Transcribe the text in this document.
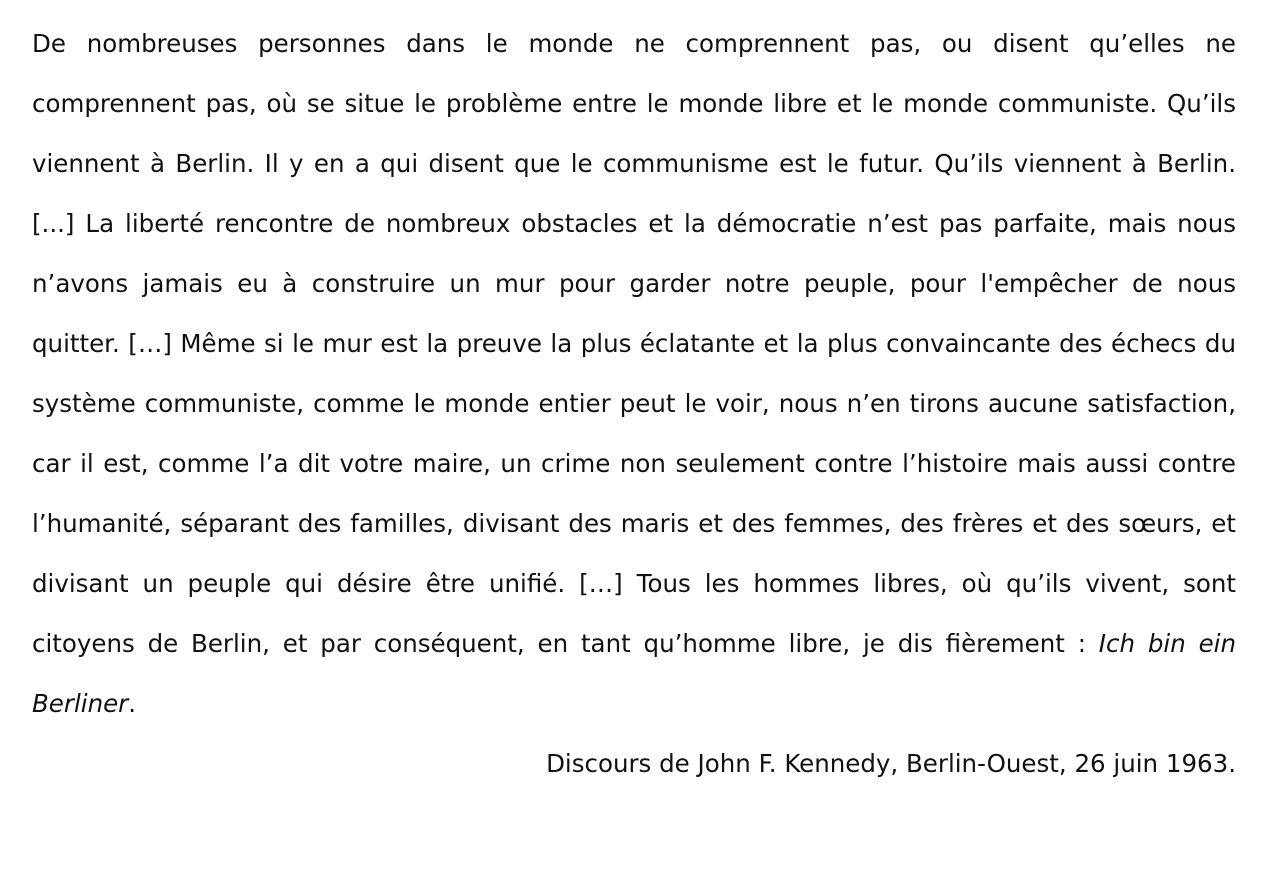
De nombreuses personnes dans le monde ne comprennent pas, ou disent qu’elles ne comprennent pas, où se situe le problème entre le monde libre et le monde communiste. Qu’ils viennent à Berlin. Il y en a qui disent que le communisme est le futur. Qu’ils viennent à Berlin. [...] La liberté rencontre de nombreux obstacles et la démocratie n’est pas parfaite, mais nous n’avons jamais eu à construire un mur pour garder notre peuple, pour l'empêcher de nous quitter. […] Même si le mur est la preuve la plus éclatante et la plus convaincante des échecs du système communiste, comme le monde entier peut le voir, nous n’en tirons aucune satisfaction, car il est, comme l’a dit votre maire, un crime non seulement contre l’histoire mais aussi contre l’humanité, séparant des familles, divisant des maris et des femmes, des frères et des sœurs, et divisant un peuple qui désire être unifié. […] Tous les hommes libres, où qu’ils vivent, sont citoyens de Berlin, et par conséquent, en tant qu’homme libre, je dis fièrement : Ich bin ein Berliner.

Discours de John F. Kennedy, Berlin-Ouest, 26 juin 1963.
